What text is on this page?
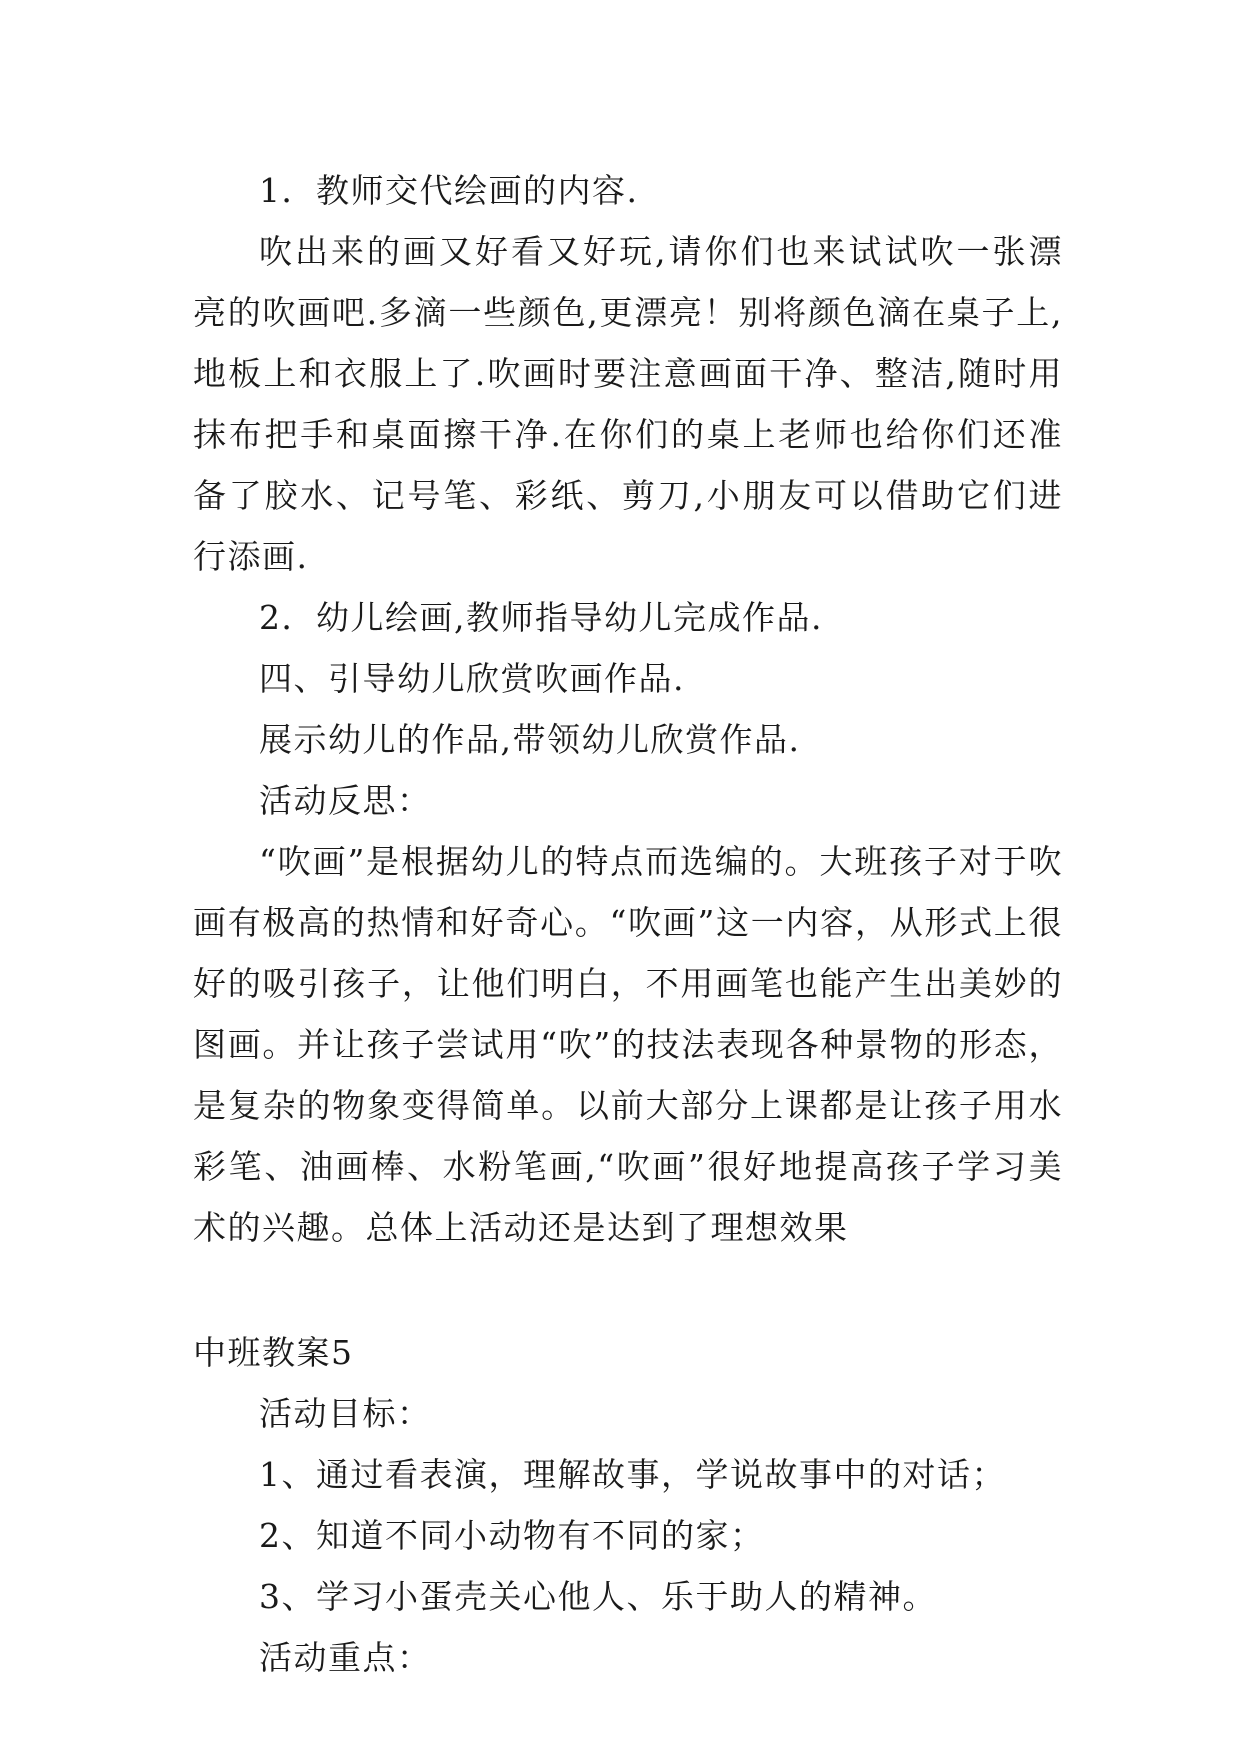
1．教师交代绘画的内容.

吹出来的画又好看又好玩,请你们也来试试吹一张漂亮的吹画吧.多滴一些颜色,更漂亮！别将颜色滴在桌子上,地板上和衣服上了.吹画时要注意画面干净、整洁,随时用抹布把手和桌面擦干净.在你们的桌上老师也给你们还准备了胶水、记号笔、彩纸、剪刀,小朋友可以借助它们进行添画.

2．幼儿绘画,教师指导幼儿完成作品.

四、引导幼儿欣赏吹画作品.

展示幼儿的作品,带领幼儿欣赏作品.

活动反思：

“吹画”是根据幼儿的特点而选编的。大班孩子对于吹画有极高的热情和好奇心。“吹画”这一内容，从形式上很好的吸引孩子，让他们明白，不用画笔也能产生出美妙的图画。并让孩子尝试用“吹”的技法表现各种景物的形态，是复杂的物象变得简单。以前大部分上课都是让孩子用水彩笔、油画棒、水粉笔画,“吹画”很好地提高孩子学习美术的兴趣。总体上活动还是达到了理想效果

中班教案5

活动目标：

1、通过看表演，理解故事，学说故事中的对话；

2、知道不同小动物有不同的家；

3、学习小蛋壳关心他人、乐于助人的精神。

活动重点：
